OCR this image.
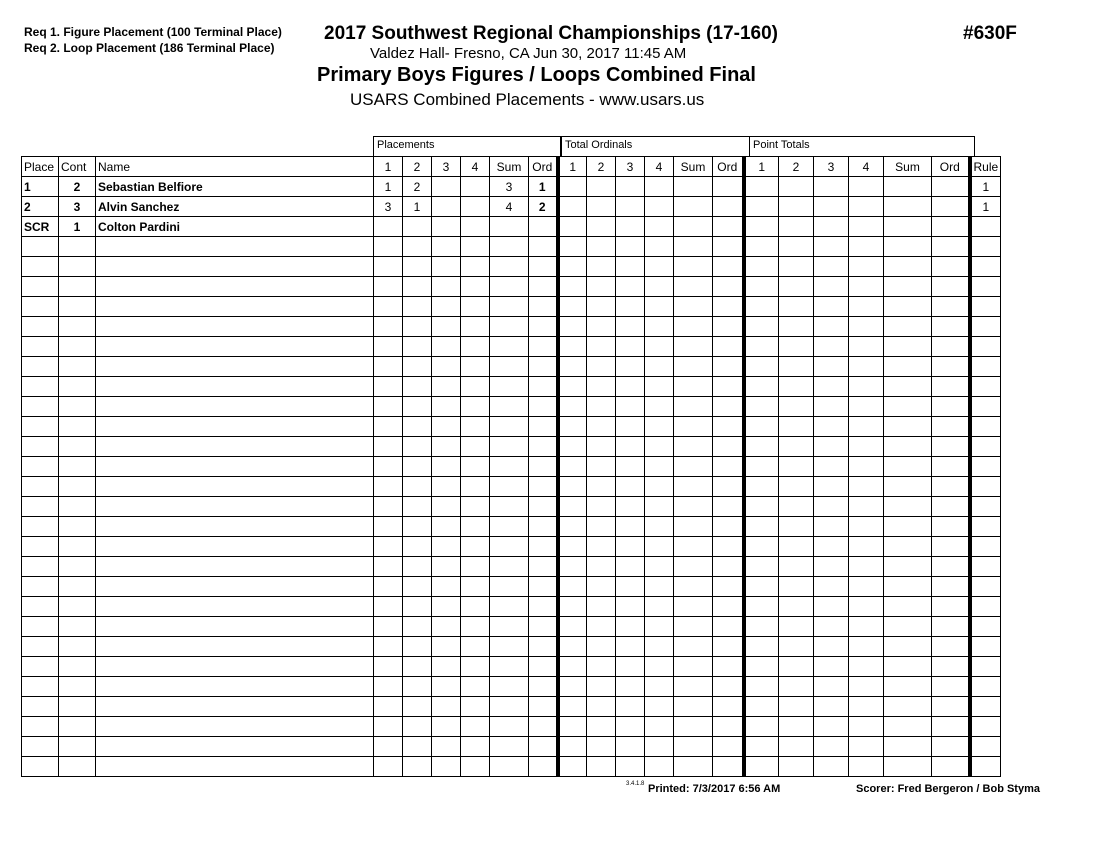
Req 1. Figure Placement (100 Terminal Place)
Req 2. Loop Placement (186 Terminal Place)
2017 Southwest Regional Championships (17-160)	#630F
Valdez Hall- Fresno, CA Jun 30, 2017 11:45 AM
Primary Boys Figures / Loops Combined Final
USARS Combined Placements - www.usars.us
Placements	Total Ordinals	Point Totals
Place	Cont	Name	1	2	3	4	Sum	Ord	1	2	3	4	Sum	Ord	1	2	3	4	Sum	Ord	Rule
1	2	Sebastian Belfiore	1	2			3	1													1
2	3	Alvin Sanchez	3	1			4	2													1
SCR	1	Colton Pardini																			

3.4.1.8 Printed: 7/3/2017 6:56 AM	Scorer: Fred Bergeron / Bob Styma
